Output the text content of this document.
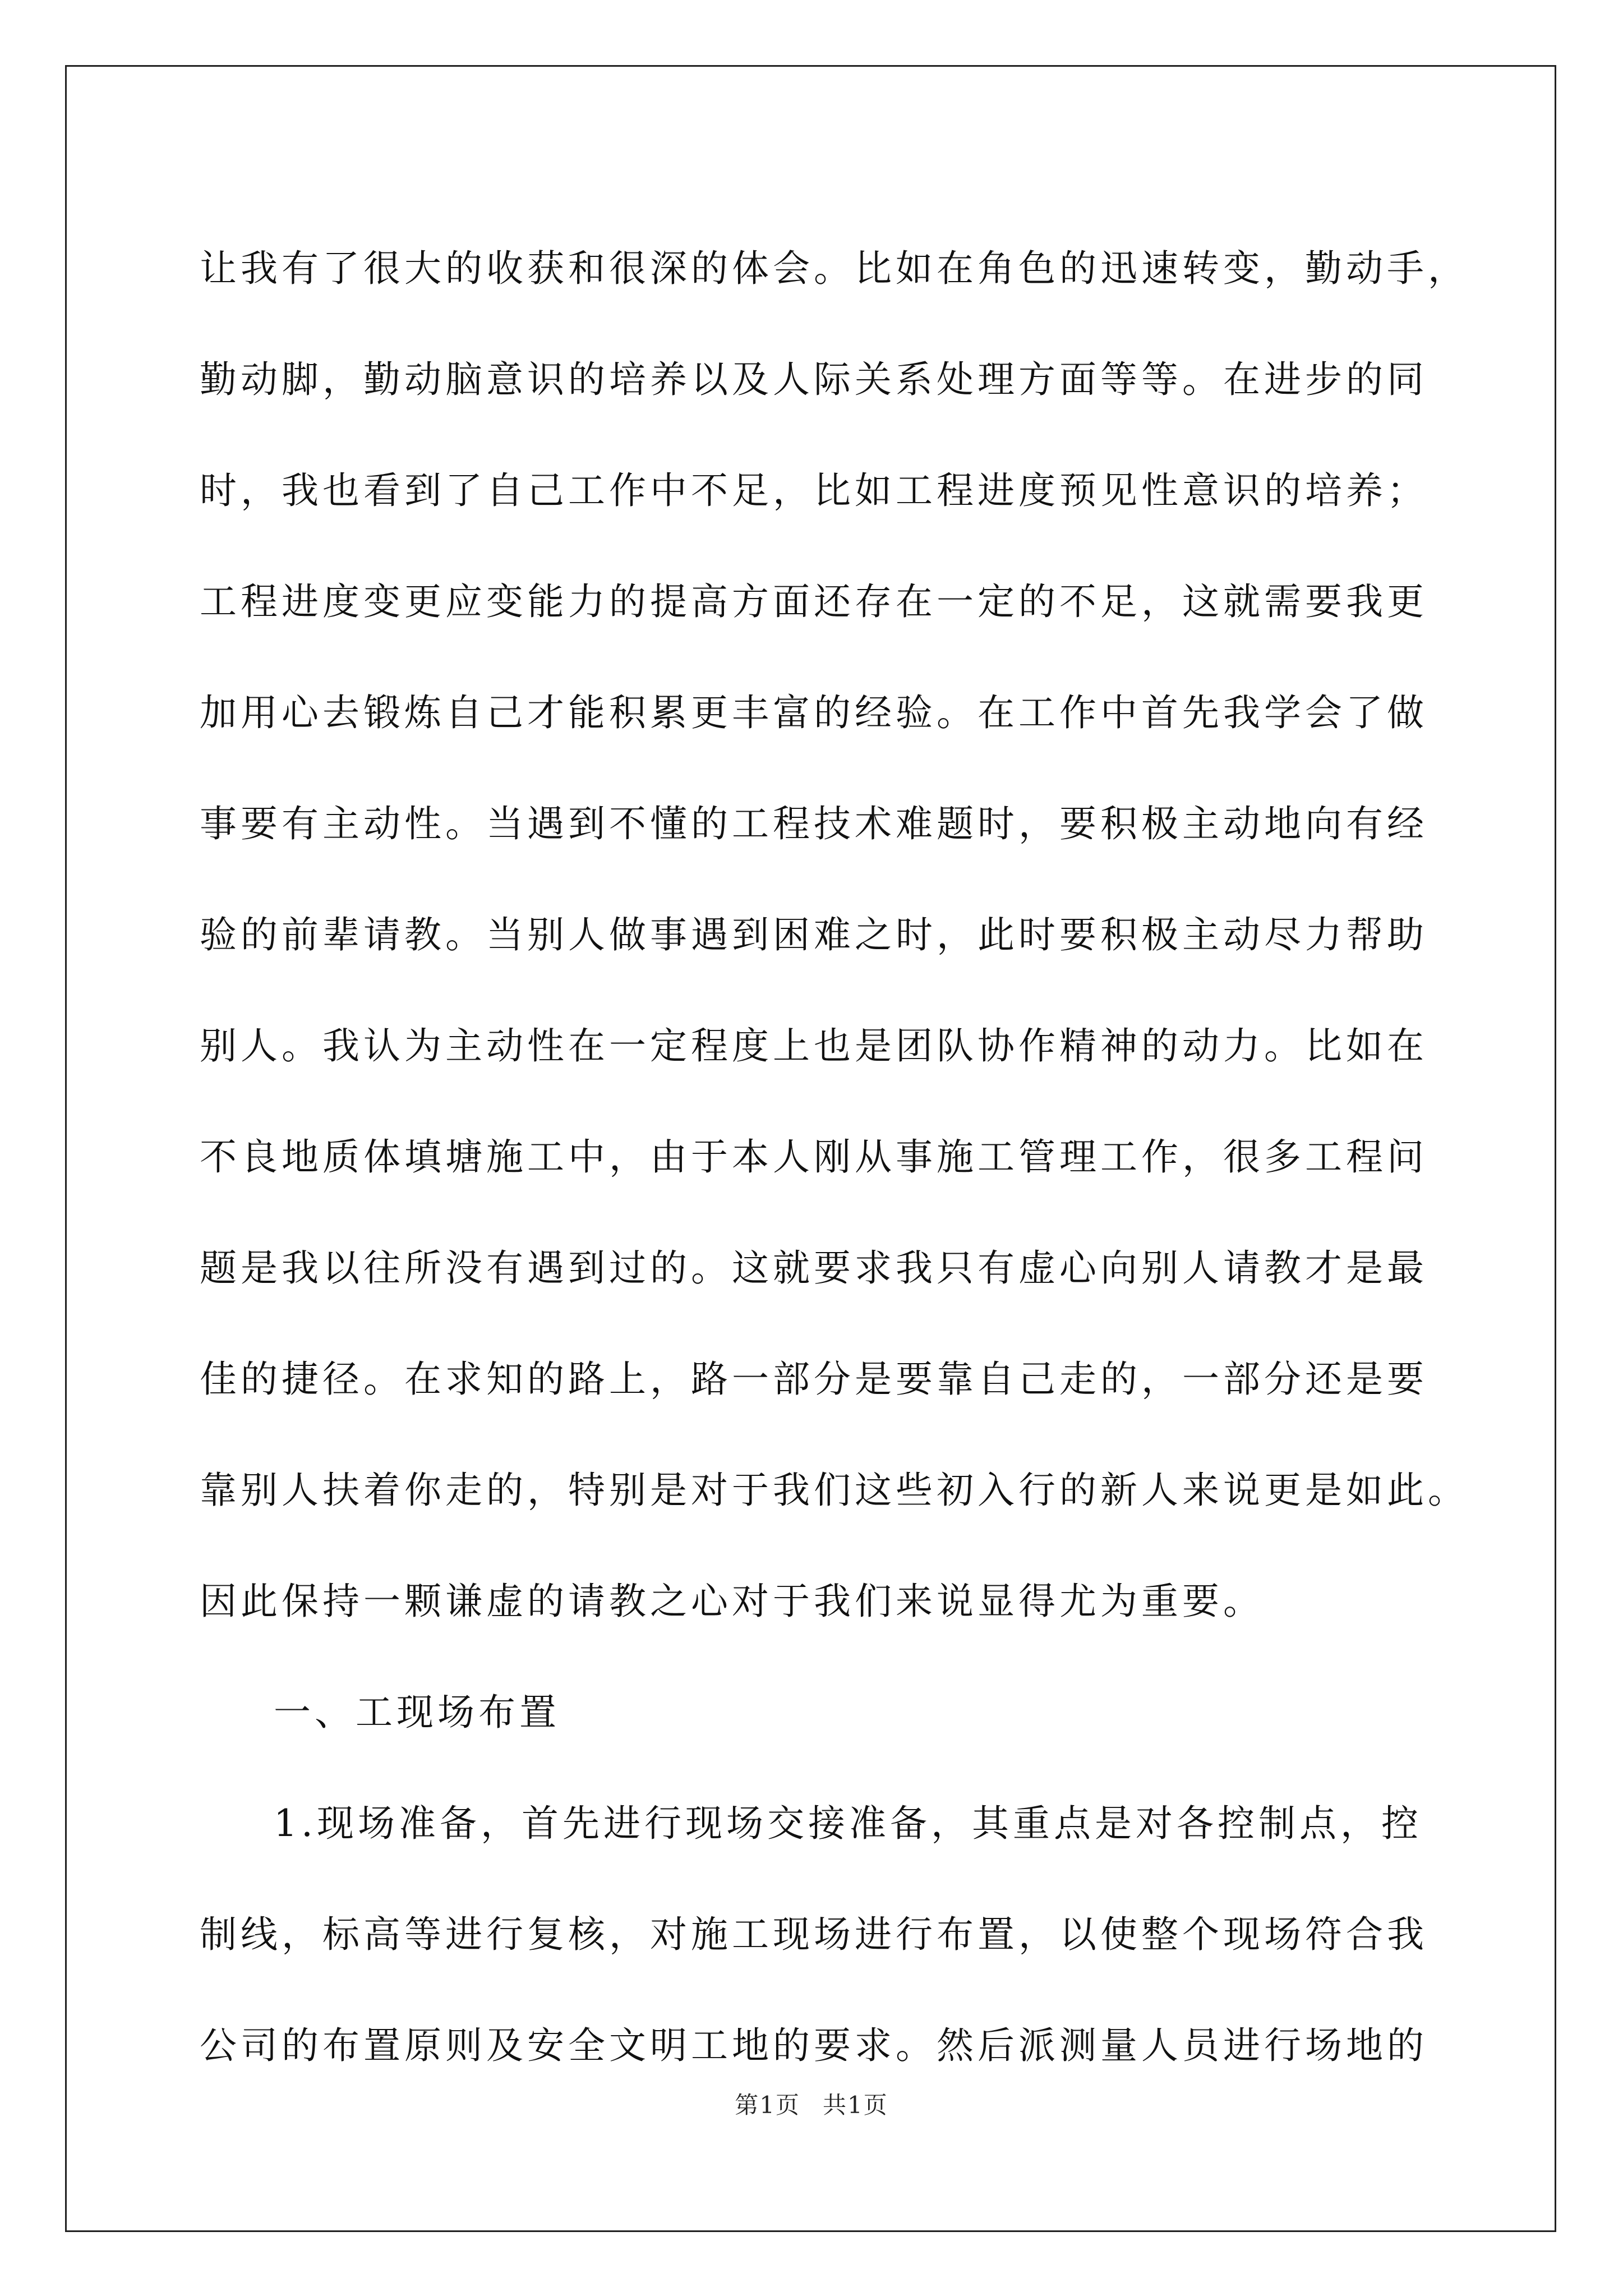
让我有了很大的收获和很深的体会。比如在角色的迅速转变，勤动手，
勤动脚，勤动脑意识的培养以及人际关系处理方面等等。在进步的同
时，我也看到了自己工作中不足，比如工程进度预见性意识的培养；
工程进度变更应变能力的提高方面还存在一定的不足，这就需要我更
加用心去锻炼自己才能积累更丰富的经验。在工作中首先我学会了做
事要有主动性。当遇到不懂的工程技术难题时，要积极主动地向有经
验的前辈请教。当别人做事遇到困难之时，此时要积极主动尽力帮助
别人。我认为主动性在一定程度上也是团队协作精神的动力。比如在
不良地质体填塘施工中，由于本人刚从事施工管理工作，很多工程问
题是我以往所没有遇到过的。这就要求我只有虚心向别人请教才是最
佳的捷径。在求知的路上，路一部分是要靠自己走的，一部分还是要
靠别人扶着你走的，特别是对于我们这些初入行的新人来说更是如此。
因此保持一颗谦虚的请教之心对于我们来说显得尤为重要。
一、工现场布置
1.现场准备，首先进行现场交接准备，其重点是对各控制点，控
制线，标高等进行复核，对施工现场进行布置，以使整个现场符合我
公司的布置原则及安全文明工地的要求。然后派测量人员进行场地的
第1页 共1页
